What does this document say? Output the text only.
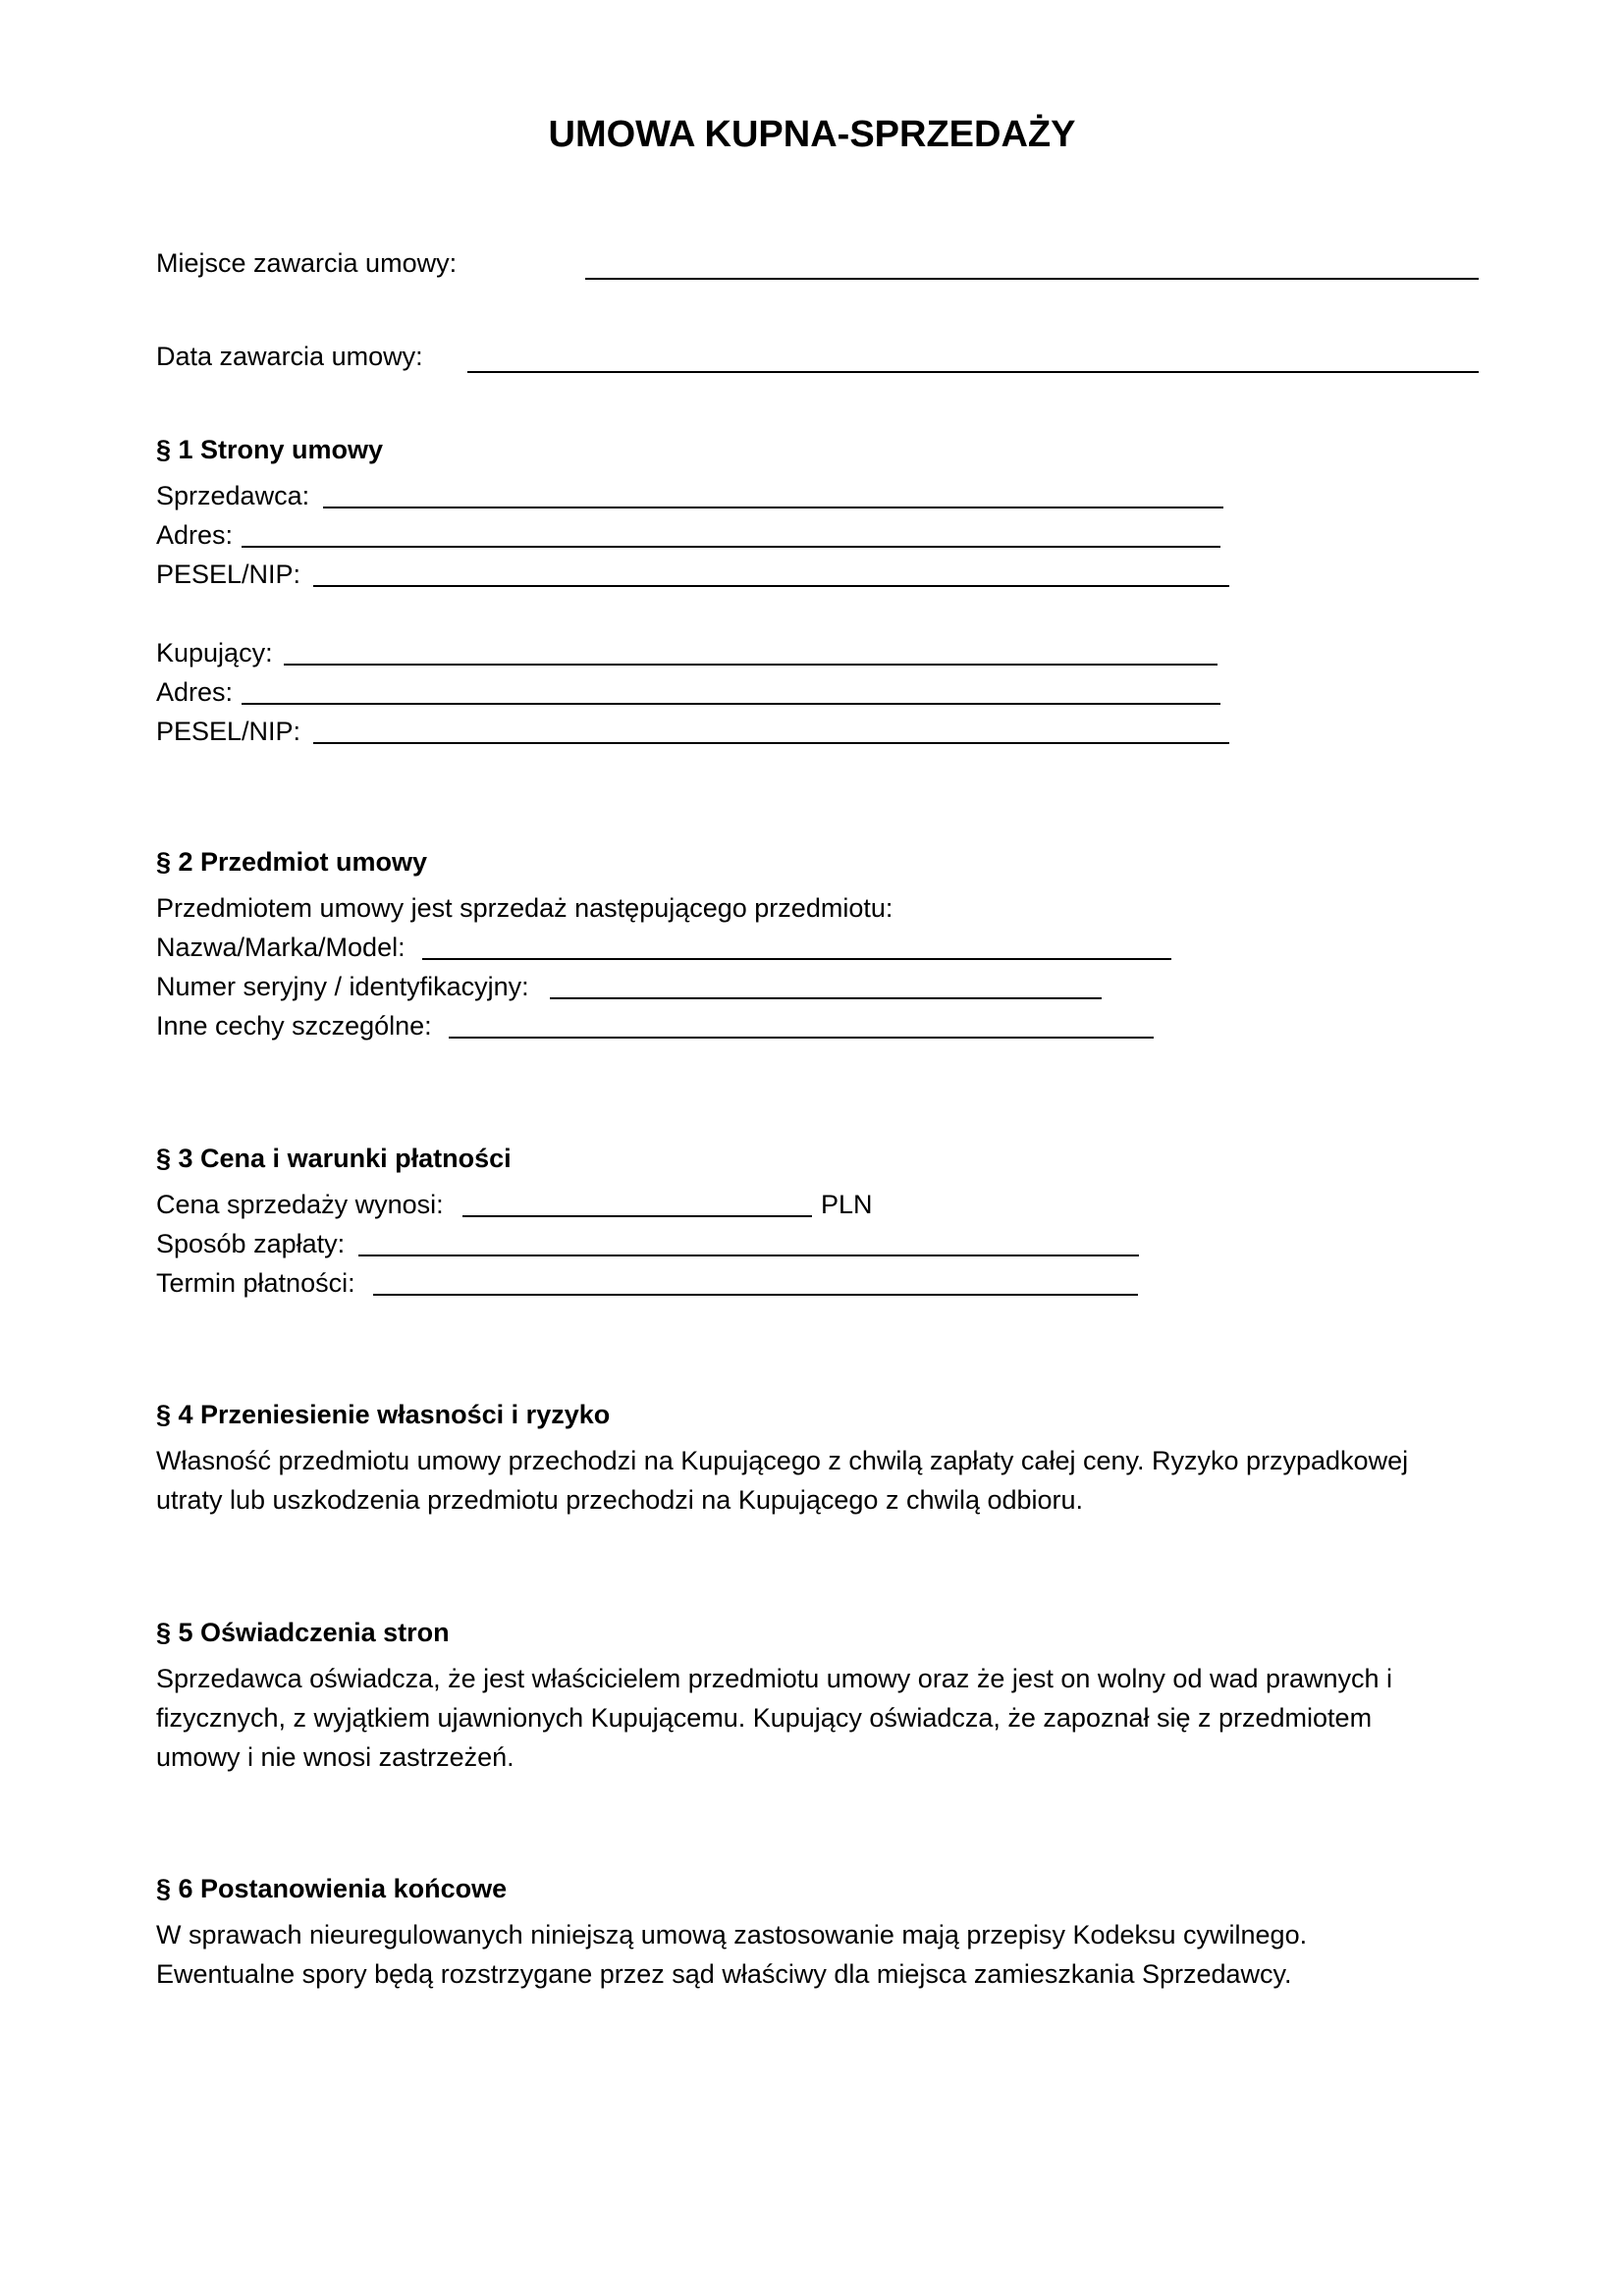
UMOWA KUPNA-SPRZEDAŻY
Miejsce zawarcia umowy:
Data zawarcia umowy:
§ 1 Strony umowy
Sprzedawca:
Adres:
PESEL/NIP:
Kupujący:
Adres:
PESEL/NIP:
§ 2 Przedmiot umowy
Przedmiotem umowy jest sprzedaż następującego przedmiotu:
Nazwa/Marka/Model:
Numer seryjny / identyfikacyjny:
Inne cechy szczególne:
§ 3 Cena i warunki płatności
Cena sprzedaży wynosi:	PLN
Sposób zapłaty:
Termin płatności:
§ 4 Przeniesienie własności i ryzyko
Własność przedmiotu umowy przechodzi na Kupującego z chwilą zapłaty całej ceny. Ryzyko przypadkowej
utraty lub uszkodzenia przedmiotu przechodzi na Kupującego z chwilą odbioru.
§ 5 Oświadczenia stron
Sprzedawca oświadcza, że jest właścicielem przedmiotu umowy oraz że jest on wolny od wad prawnych i
fizycznych, z wyjątkiem ujawnionych Kupującemu. Kupujący oświadcza, że zapoznał się z przedmiotem
umowy i nie wnosi zastrzeżeń.
§ 6 Postanowienia końcowe
W sprawach nieuregulowanych niniejszą umową zastosowanie mają przepisy Kodeksu cywilnego.
Ewentualne spory będą rozstrzygane przez sąd właściwy dla miejsca zamieszkania Sprzedawcy.
